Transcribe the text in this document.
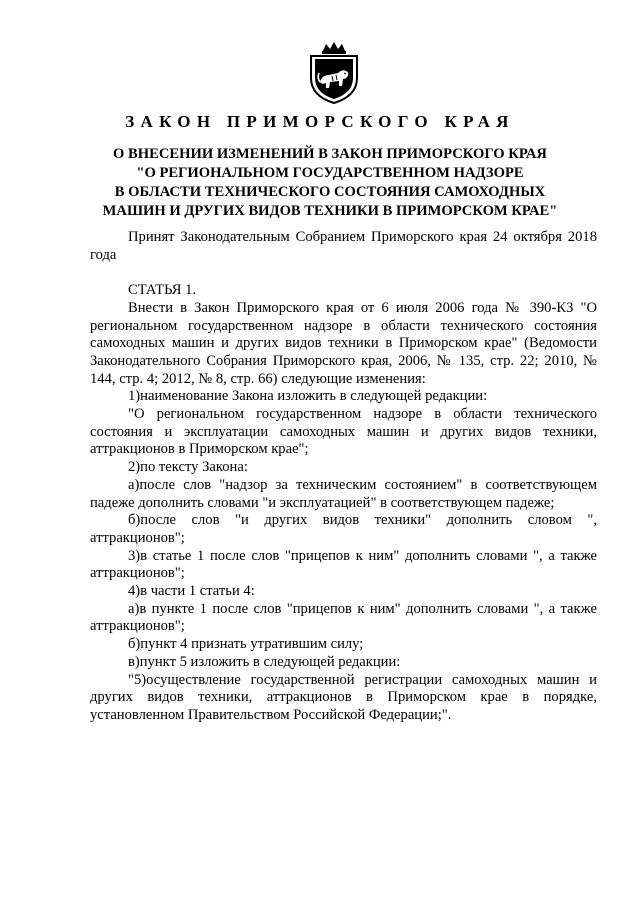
ЗАКОН ПРИМОРСКОГО КРАЯ
О ВНЕСЕНИИ ИЗМЕНЕНИЙ В ЗАКОН ПРИМОРСКОГО КРАЯ
"О РЕГИОНАЛЬНОМ ГОСУДАРСТВЕННОМ НАДЗОРЕ
В ОБЛАСТИ ТЕХНИЧЕСКОГО СОСТОЯНИЯ САМОХОДНЫХ
МАШИН И ДРУГИХ ВИДОВ ТЕХНИКИ В ПРИМОРСКОМ КРАЕ"

Принят Законодательным Собранием Приморского края 24 октября 2018 года

СТАТЬЯ 1.

Внести в Закон Приморского края от 6 июля 2006 года № 390-КЗ "О региональном государственном надзоре в области технического состояния самоходных машин и других видов техники в Приморском крае" (Ведомости Законодательного Собрания Приморского края, 2006, № 135, стр. 22; 2010, № 144, стр. 4; 2012, № 8, стр. 66) следующие изменения:

1)наименование Закона изложить в следующей редакции:

"О региональном государственном надзоре в области технического состояния и эксплуатации самоходных машин и других видов техники, аттракционов в Приморском крае";

2)по тексту Закона:

а)после слов "надзор за техническим состоянием" в соответствующем падеже дополнить словами "и эксплуатацией" в соответствующем падеже;

б)после слов "и других видов техники" дополнить словом ", аттракционов";

3)в статье 1 после слов "прицепов к ним" дополнить словами ", а также аттракционов";

4)в части 1 статьи 4:

а)в пункте 1 после слов "прицепов к ним" дополнить словами ", а также аттракционов";

б)пункт 4 признать утратившим силу;

в)пункт 5 изложить в следующей редакции:

"5)осуществление государственной регистрации самоходных машин и других видов техники, аттракционов в Приморском крае в порядке, установленном Правительством Российской Федерации;".
